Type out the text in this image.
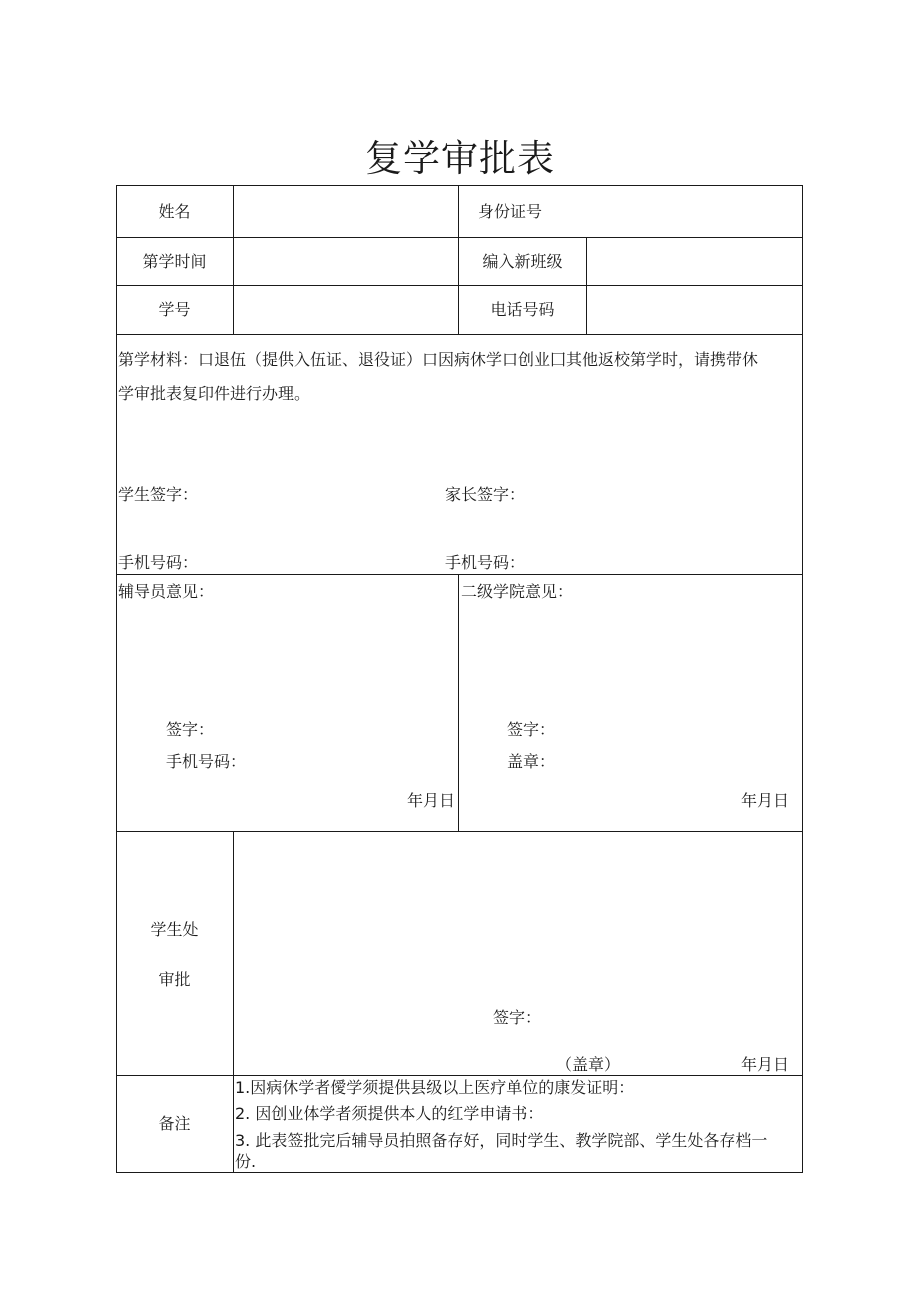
复学审批表
姓名	身份证号
第学时间	编入新班级
学号	电话号码
第学材料：口退伍（提供入伍证、退役证）口因病休学口创业囗其他返校第学时，请携带休
学审批表复印件进行办理。
学生签字：	家长签字：
手机号码：	手机号码：
辅导员意见：
签字：
手机号码：
年月日
二级学院意见：
签字：
盖章：
年月日
学生处
审批
签字：
（盖章）	年月日
备注
1.因病休学者僾学须提供县级以上医疗单位的康发证明：
2. 因创业体学者须提供本人的红学申请书：
3. 此表签批完后辅导员拍照备存好，同时学生、教学院部、学生处各存档一
份.
